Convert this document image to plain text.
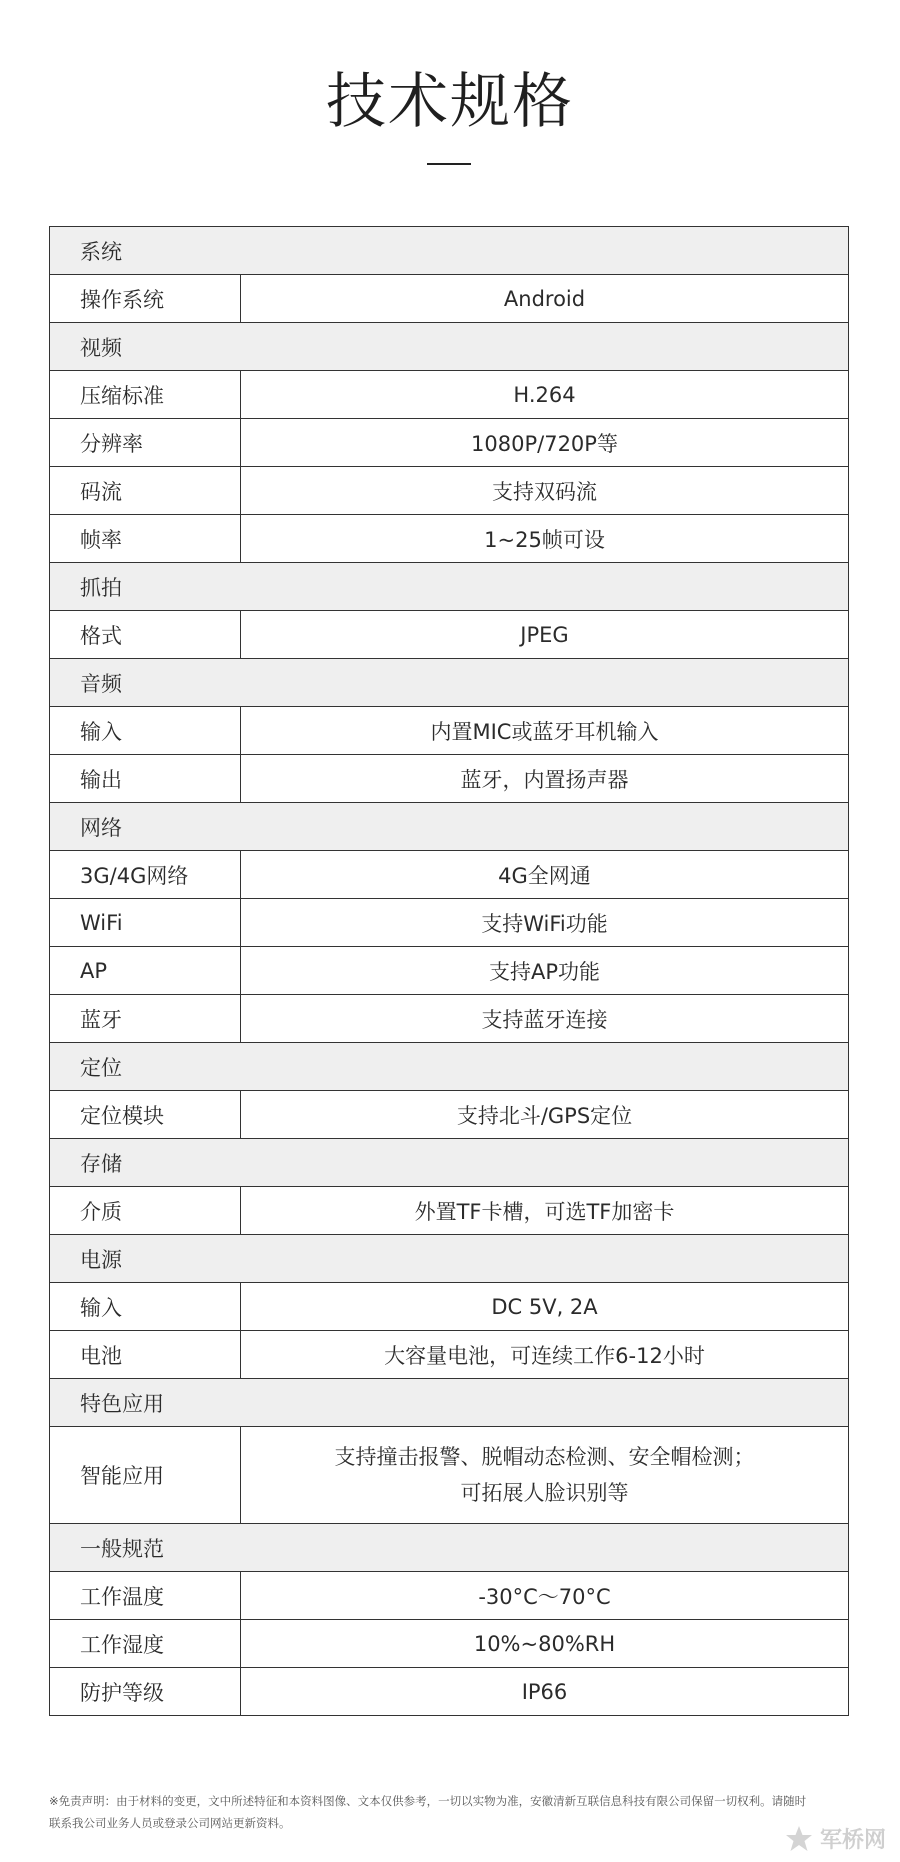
技术规格
系统	
操作系统	Android
视频	
压缩标准	H.264
分辨率	1080P/720P等
码流	支持双码流
帧率	1~25帧可设
抓拍	
格式	JPEG
音频	
输入	内置MIC或蓝牙耳机输入
输出	蓝牙，内置扬声器
网络	
3G/4G网络	4G全网通
WiFi	支持WiFi功能
AP	支持AP功能
蓝牙	支持蓝牙连接
定位	
定位模块	支持北斗/GPS定位
存储	
介质	外置TF卡槽，可选TF加密卡
电源	
输入	DC 5V, 2A
电池	大容量电池，可连续工作6-12小时
特色应用	
智能应用	支持撞击报警、脱帽动态检测、安全帽检测；
可拓展人脸识别等

一般规范	
工作温度	-30°C～70°C
工作湿度	10%~80%RH
防护等级	IP66
※免责声明：由于材料的变更，文中所述特征和本资料图像、文本仅供参考，一切以实物为准，安徽清新互联信息科技有限公司保留一切权利。请随时
联系我公司业务人员或登录公司网站更新资料。
军桥网
